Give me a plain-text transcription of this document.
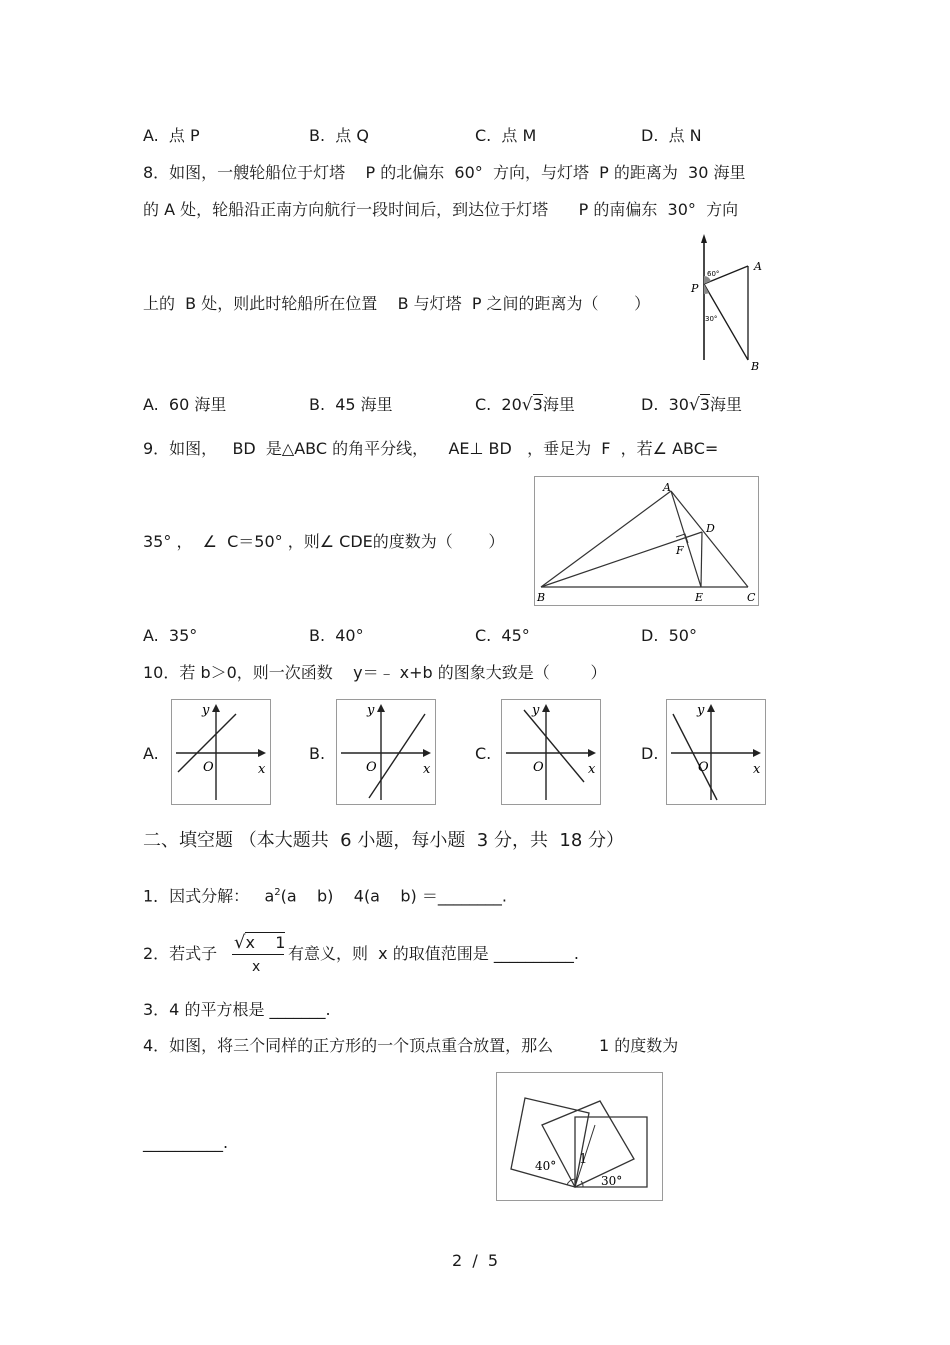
A.  点 P	B.  点 Q	C.  点 M	D.  点 N
8．如图，一艘轮船位于灯塔    P 的北偏东  60°  方向，与灯塔  P 的距离为  30 海里
的 A 处，轮船沿正南方向航行一段时间后，到达位于灯塔      P 的南偏东  30°  方向
上的  B 处，则此时轮船所在位置    B 与灯塔  P 之间的距离为（       ）
A
P
B
60°
30°
A.  60 海里	B.  45 海里	C.  20√3海里	D.  30√3海里
9．如图，   BD  是△ABC 的角平分线，    AE⊥ BD   ，垂足为  F  ，若∠ ABC=
35° ，  ∠  C＝50° ，则∠ CDE的度数为（       ）
A
B	C
D
E
F
A.  35°	B.  40°	C.  45°	D.  50°
10．若 b＞0，则一次函数    y＝﹣ x+b 的图象大致是（        ）
A.	B.	C.	D.
y
x
O
y
x
O
y
x
O
y
x
O
二、填空题 （本大题共  6 小题，每小题  3 分，共  18 分）
1．因式分解：   $a^2(a$    b)    4(a    b) ＝________.
2．若式子
√x    1
x
有意义，则  x 的取值范围是 __________.
3．4 的平方根是 _______.
4．如图，将三个同样的正方形的一个顶点重合放置，那么         1 的度数为
__________.
1
40°
30°
2  /  5
